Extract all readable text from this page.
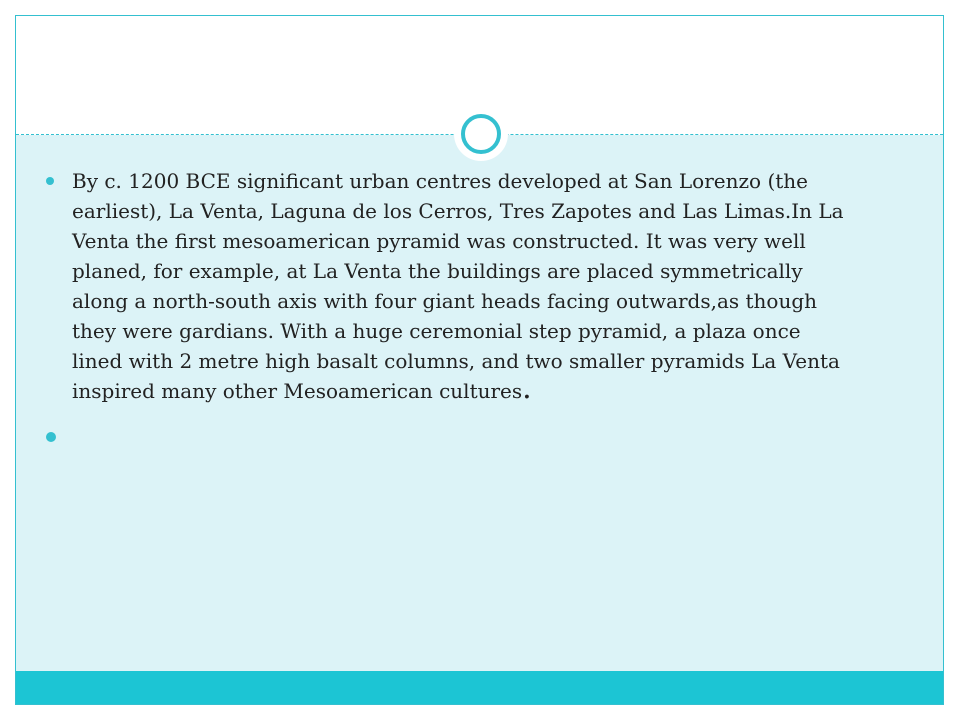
By c. 1200 BCE significant urban centres developed at San Lorenzo (the earliest), La Venta, Laguna de los Cerros, Tres Zapotes and Las Limas.In La Venta the first mesoamerican pyramid was constructed. It was very well planed, for example, at La Venta the buildings are placed symmetrically along a north-south axis with four giant heads facing outwards,as though they were gardians. With a huge ceremonial step pyramid, a plaza once lined with 2 metre high basalt columns, and two smaller pyramids La Venta inspired many other Mesoamerican cultures.
